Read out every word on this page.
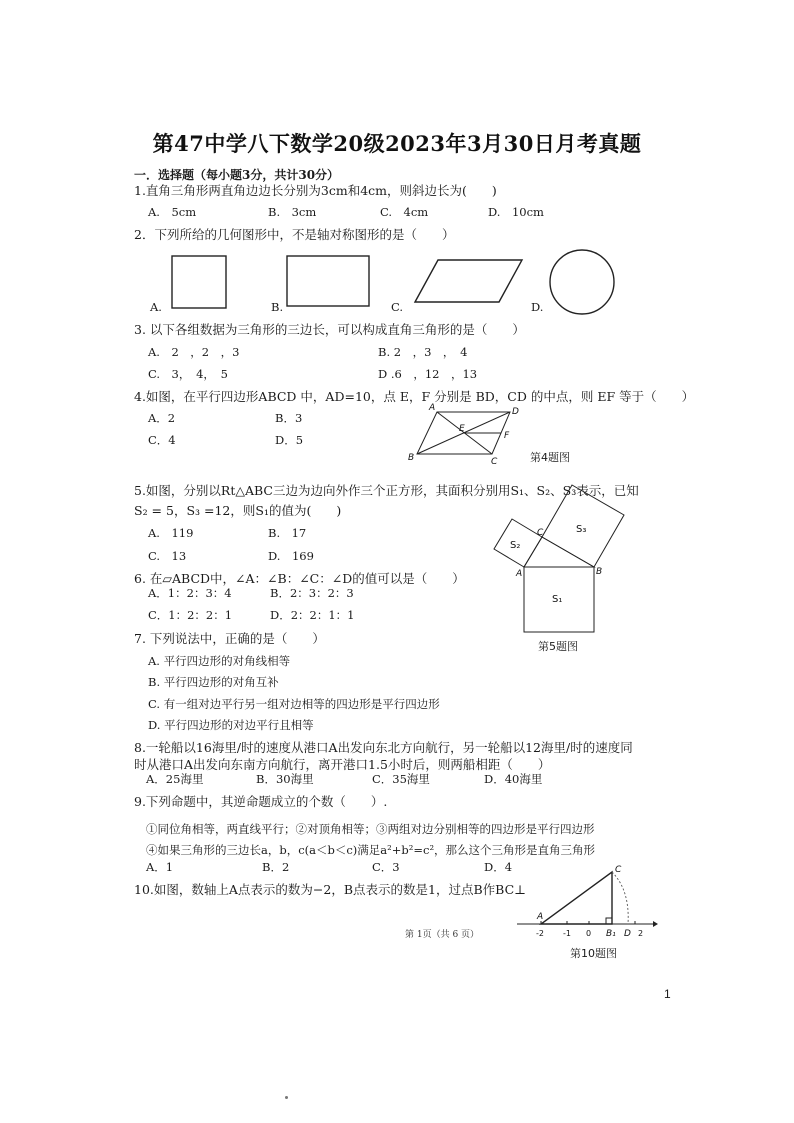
第47中学八下数学20级2023年3月30日月考真题
一．选择题（每小题3分，共计30分）
1.直角三角形两直角边边长分别为3cm和4cm，则斜边长为(　　)
A.　5cm	B.　3cm	C.　4cm	D.　10cm
2．下列所给的几何图形中，不是轴对称图形的是（　　）
A.	B.	C.	D.
3. 以下各组数据为三角形的三边长，可以构成直角三角形的是（　　）
A.　2　，2　，3	B. 2　，3　，　4
C.　3，　4，　5	D .6　，12　，13
4.如图，在平行四边形ABCD 中，AD=10，点 E，F 分别是 BD，CD 的中点，则 EF 等于（　　）
A．2	B．3
C．4	D．5
A	D
E
F
B	C	第4题图
5.如图，分别以Rt△ABC三边为边向外作三个正方形，其面积分别用S₁、S₂、S₃表示，已知
S₂ = 5，S₃ =12，则S₁的值为(　　)
A.　119	B.　17
C.　13	D.　169
S₂
S₃
S₁
C
A	B
第5题图
6. 在▱ABCD中，∠A：∠B：∠C：∠D的值可以是（　　）
A．1：2：3：4	B．2：3：2：3
C．1：2：2：1	D．2：2：1：1
7. 下列说法中，正确的是（　　）
A. 平行四边形的对角线相等
B. 平行四边形的对角互补
C. 有一组对边平行另一组对边相等的四边形是平行四边形
D. 平行四边形的对边平行且相等
8.一轮船以16海里/时的速度从港口A出发向东北方向航行，另一轮船以12海里/时的速度同
时从港口A出发向东南方向航行，离开港口1.5小时后，则两船相距（　　）
A．25海里	B．30海里	C．35海里	D．40海里
9.下列命题中，其逆命题成立的个数（　　）.
①同位角相等，两直线平行；②对顶角相等；③两组对边分别相等的四边形是平行四边形
④如果三角形的三边长a，b，c(a＜b＜c)满足a²+b²=c²，那么这个三角形是直角三角形
A．1	B．2	C．3	D．4
10.如图，数轴上A点表示的数为−2，B点表示的数是1，过点B作BC⊥
A
C
B₁ D
-2 -1 0	2
第10题图
第 1页（共 6 页）
1
